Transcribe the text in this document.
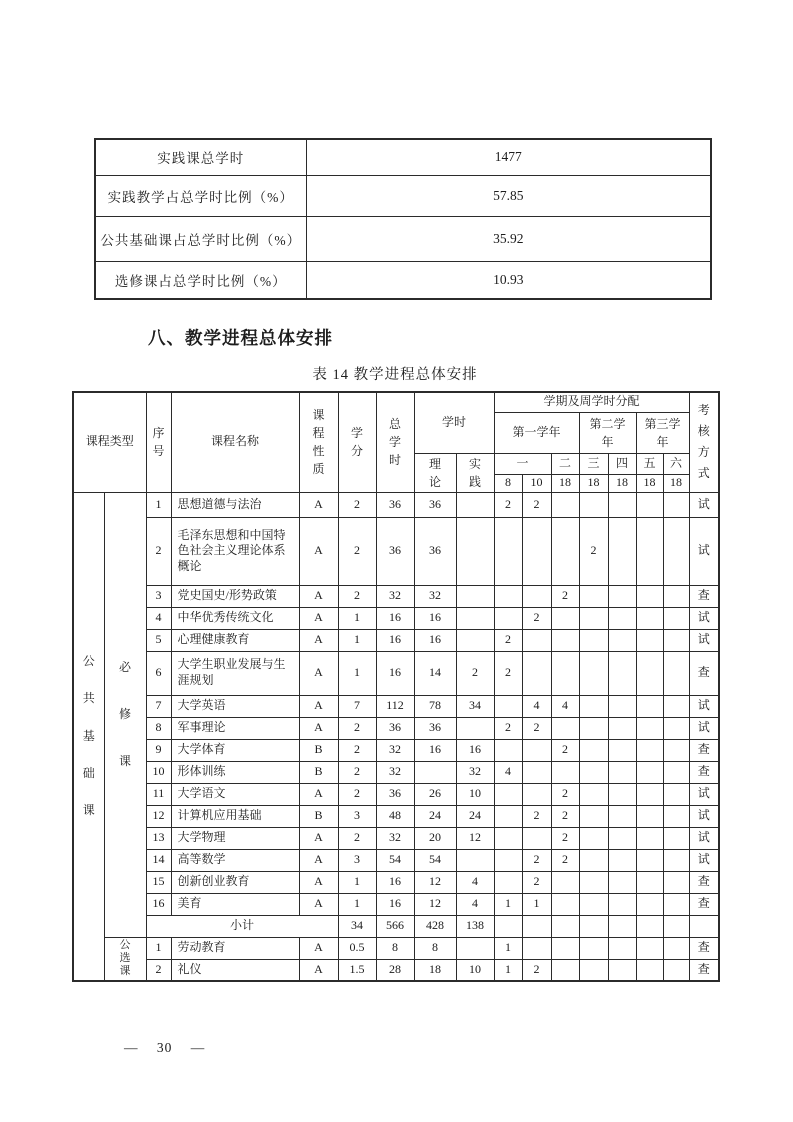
实践课总学时	1477
实践教学占总学时比例（%）	57.85
公共基础课占总学时比例（%）	35.92
选修课占总学时比例（%）	10.93
八、教学进程总体安排
表 14 教学进程总体安排
课程类型		序号	课程名称	课程性质	学分	总学时	学时		学期及周学时分配							考核方式

									第一学年			第二学年		第三学年		

							理论	实践	一		二	三	四	五	六	
									8	10	18	18	18	18	18	

公共基础课	必修课	1	思想道德与法治	A	2	36	36		2	2						试
		2	毛泽东思想和中国特色社会主义理论体系概论	A	2	36	36					2				试
		3	党史国史/形势政策	A	2	32	32				2					查
		4	中华优秀传统文化	A	1	16	16			2						试
		5	心理健康教育	A	1	16	16		2							试
		6	大学生职业发展与生涯规划	A	1	16	14	2	2							查
		7	大学英语	A	7	112	78	34		4	4					试
		8	军事理论	A	2	36	36		2	2						试
		9	大学体育	B	2	32	16	16			2					查
		10	形体训练	B	2	32		32	4							查
		11	大学语文	A	2	36	26	10			2					试
		12	计算机应用基础	B	3	48	24	24		2	2					试
		13	大学物理	A	2	32	20	12			2					试
		14	高等数学	A	3	54	54			2	2					试
		15	创新创业教育	A	1	16	12	4		2						查
		16	美育	A	1	16	12	4	1	1						查
		小计			34	566	428	138								

	公选课	1	劳动教育	A	0.5	8	8		1							查
		2	礼仪	A	1.5	28	18	10	1	2						查
— 30 —
